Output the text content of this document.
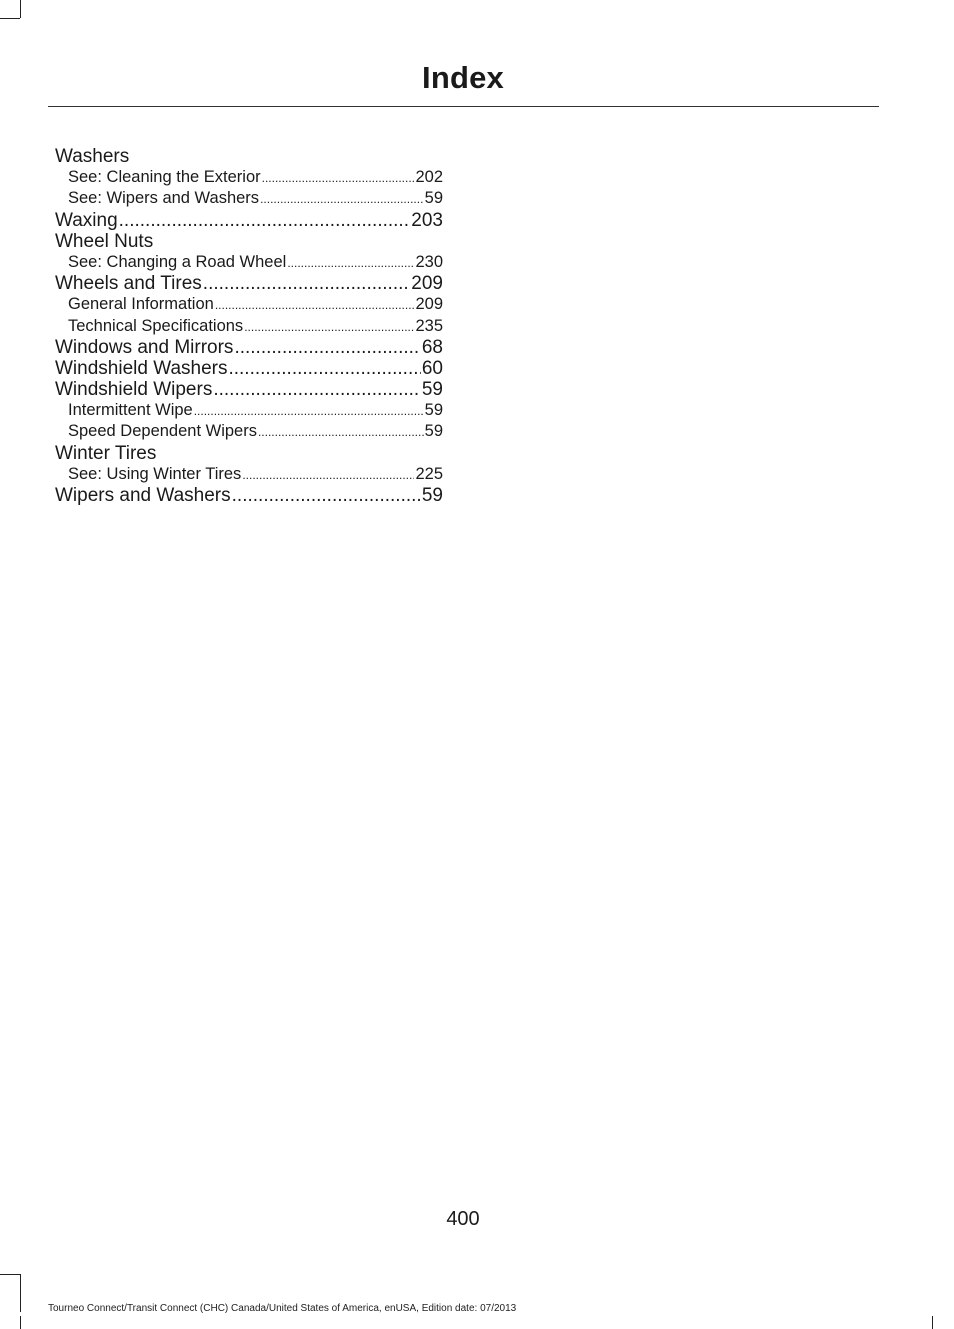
Index
Washers
See: Cleaning the Exterior .....	202
See: Wipers and Washers .....	59
Waxing .....	203
Wheel Nuts
See: Changing a Road Wheel .....	230
Wheels and Tires .....	209
General Information .....	209
Technical Specifications .....	235
Windows and Mirrors .....	68
Windshield Washers .....	60
Windshield Wipers .....	59
Intermittent Wipe .....	59
Speed Dependent Wipers .....	59
Winter Tires
See: Using Winter Tires .....	225
Wipers and Washers .....	59
400
Tourneo Connect/Transit Connect (CHC) Canada/United States of America, enUSA, Edition date: 07/2013
